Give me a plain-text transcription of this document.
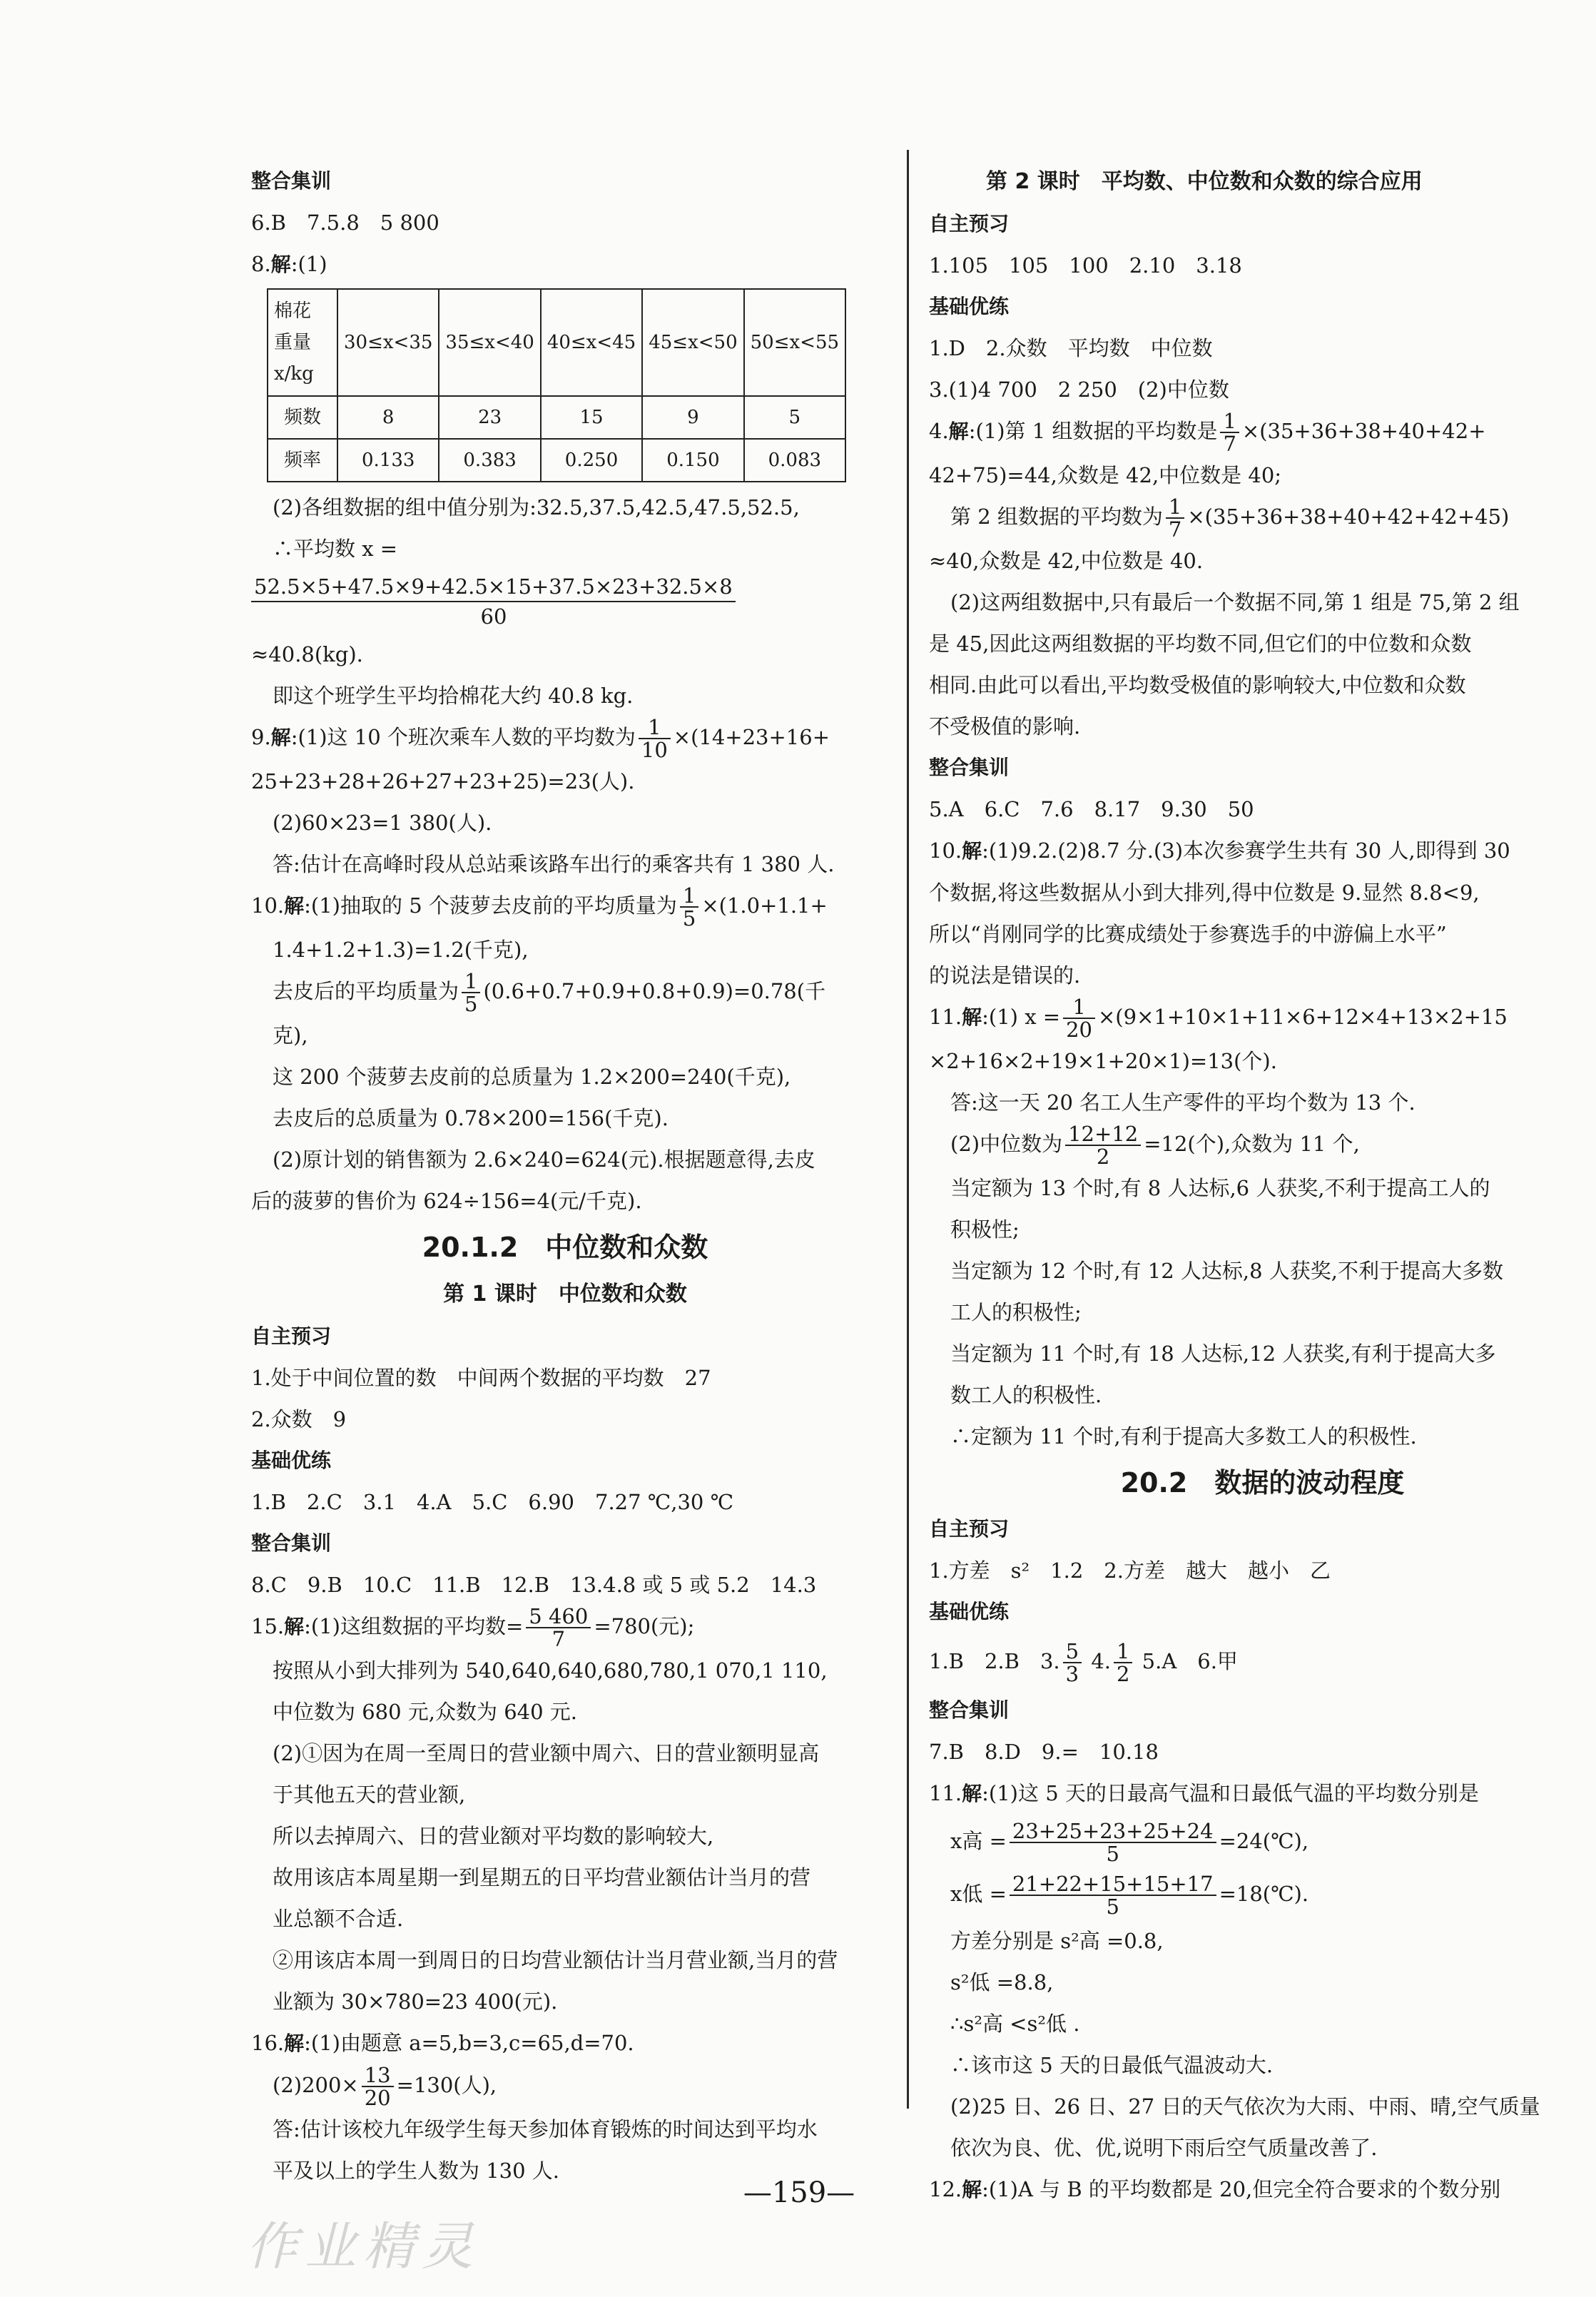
整合集训
6.B　7.5.8　5 800
8.解:(1)
棉花
重量
x/kg	30≤x<35	35≤x<40	40≤x<45	45≤x<50	50≤x<55
频数	8	23	15	9	5
频率	0.133	0.383	0.250	0.150	0.083
(2)各组数据的组中值分别为:32.5,37.5,42.5,47.5,52.5,
∴平均数 x =
52.5×5+47.5×9+42.5×15+37.5×23+32.5×8
60
≈40.8(kg).
即这个班学生平均拾棉花大约 40.8 kg.
9.解:(1)这 10 个班次乘车人数的平均数为 $\frac{1}{10} \times(14+23+16+$
25+23+28+26+27+23+25)=23(人).
(2)60×23=1 380(人).
答:估计在高峰时段从总站乘该路车出行的乘客共有 1 380 人.
10.解:(1)抽取的 5 个菠萝去皮前的平均质量为 $\frac{1}{5} \times(1.0+1.1+$
1.4+1.2+1.3)=1.2(千克),
去皮后的平均质量为 $\frac{1}{5} (0.6+0.7+0.9+0.8+0.9)=0.78$(千
克),
这 200 个菠萝去皮前的总质量为 1.2×200=240(千克),
去皮后的总质量为 0.78×200=156(千克).
(2)原计划的销售额为 2.6×240=624(元).根据题意得,去皮
后的菠萝的售价为 624÷156=4(元/千克).
20.1.2　中位数和众数
第 1 课时　中位数和众数
自主预习
1.处于中间位置的数　中间两个数据的平均数　27
2.众数　9
基础优练
1.B　2.C　3.1　4.A　5.C　6.90　7.27 ℃,30 ℃
整合集训
8.C　9.B　10.C　11.B　12.B　13.4.8 或 5 或 5.2　14.3
15.解:(1)这组数据的平均数= $\frac{5 460}{7} =780$(元);
按照从小到大排列为 540,640,640,680,780,1 070,1 110,
中位数为 680 元,众数为 640 元.
(2)①因为在周一至周日的营业额中周六、日的营业额明显高
于其他五天的营业额,
所以去掉周六、日的营业额对平均数的影响较大,
故用该店本周星期一到星期五的日平均营业额估计当月的营
业总额不合适.
②用该店本周一到周日的日均营业额估计当月营业额,当月的营
业额为 30×780=23 400(元).
16.解:(1)由题意 a=5,b=3,c=65,d=70.
$(2)200\times \frac{13}{20} =130$(人),
答:估计该校九年级学生每天参加体育锻炼的时间达到平均水
平及以上的学生人数为 130 人.
第 2 课时　平均数、中位数和众数的综合应用
自主预习
1.105　105　100　2.10　3.18
基础优练
1.D　2.众数　平均数　中位数
3.(1)4 700　2 250　(2)中位数
4.解:(1)第 1 组数据的平均数是 $\frac{1}{7} \times(35+36+38+40+42+$
42+75)=44,众数是 42,中位数是 40;
第 2 组数据的平均数为 $\frac{1}{7} \times(35+36+38+40+42+42+45)$
≈40,众数是 42,中位数是 40.
(2)这两组数据中,只有最后一个数据不同,第 1 组是 75,第 2 组
是 45,因此这两组数据的平均数不同,但它们的中位数和众数
相同.由此可以看出,平均数受极值的影响较大,中位数和众数
不受极值的影响.
整合集训
5.A　6.C　7.6　8.17　9.30　50
10.解:(1)9.2.(2)8.7 分.(3)本次参赛学生共有 30 人,即得到 30
个数据,将这些数据从小到大排列,得中位数是 9.显然 8.8<9,
所以“肖刚同学的比赛成绩处于参赛选手的中游偏上水平”
的说法是错误的.
11.解:(1) $x = \frac{1}{20} \times(9\times 1+10\times 1+11\times 6+12\times 4+13\times 2+15$
×2+16×2+19×1+20×1)=13(个).
答:这一天 20 名工人生产零件的平均个数为 13 个.
(2)中位数为 $\frac{12+12}{2} =12$(个),众数为 11 个,
当定额为 13 个时,有 8 人达标,6 人获奖,不利于提高工人的
积极性;
当定额为 12 个时,有 12 人达标,8 人获奖,不利于提高大多数
工人的积极性;
当定额为 11 个时,有 18 人达标,12 人获奖,有利于提高大多
数工人的积极性.
∴定额为 11 个时,有利于提高大多数工人的积极性.
20.2　数据的波动程度
自主预习
1.方差　s²　1.2　2.方差　越大　越小　乙
基础优练
1.B　2.B　3. $\frac{5}{3} 4$. $\frac{1}{2} 5.A$　6.甲
整合集训
7.B　8.D　9.=　10.18
11.解:(1)这 5 天的日最高气温和日最低气温的平均数分别是
x高 = $\frac{23+25+23+25+24}{5}$ =24(℃),
x低 = $\frac{21+22+15+15+17}{5}$ =18(℃).
方差分别是 s²高 =0.8,
s²低 =8.8,
∴s²高 <s²低 .
∴该市这 5 天的日最低气温波动大.
(2)25 日、26 日、27 日的天气依次为大雨、中雨、晴,空气质量
依次为良、优、优,说明下雨后空气质量改善了.
12.解:(1)A 与 B 的平均数都是 20,但完全符合要求的个数分别
—159—
作业精灵
